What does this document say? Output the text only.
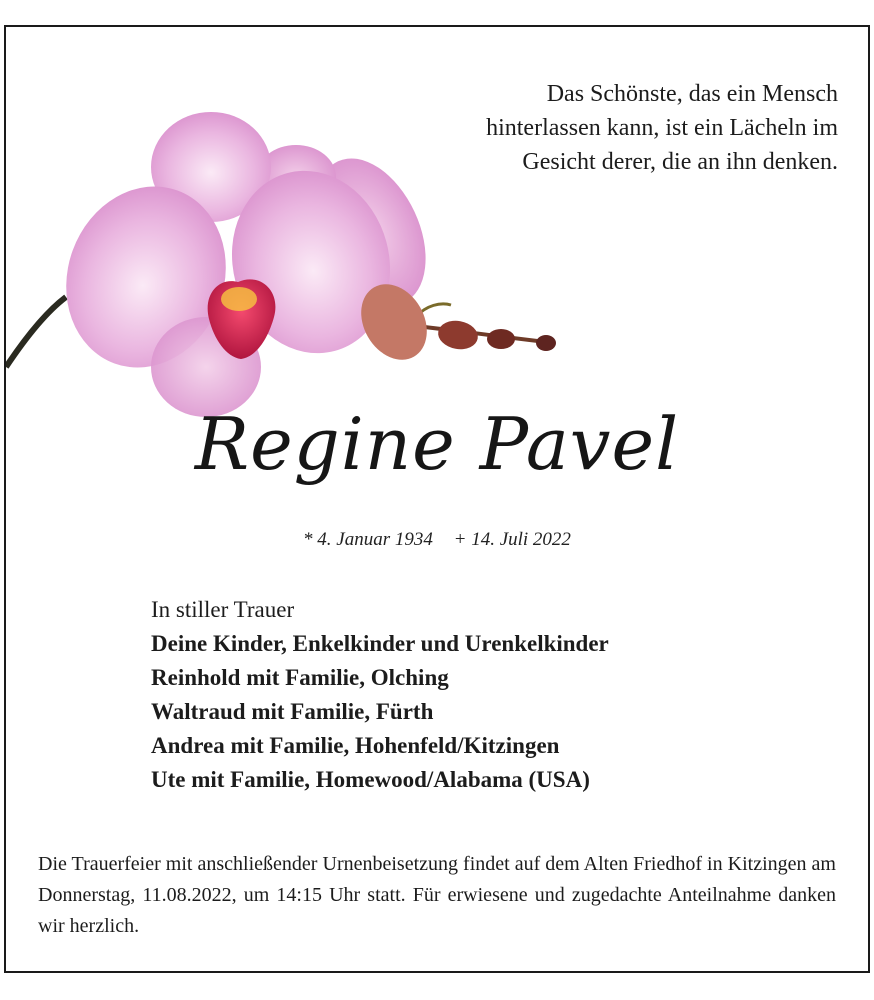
Das Schönste, das ein Mensch
hinterlassen kann, ist ein Lächeln im
Gesicht derer, die an ihn denken.
Regine Pavel
* 4. Januar 1934 + 14. Juli 2022
In stiller Trauer
Deine Kinder, Enkelkinder und Urenkelkinder
Reinhold mit Familie, Olching
Waltraud mit Familie, Fürth
Andrea mit Familie, Hohenfeld/Kitzingen
Ute mit Familie, Homewood/Alabama (USA)
Die Trauerfeier mit anschließender Urnenbeisetzung findet auf dem Alten Friedhof in Kitzingen am Donnerstag, 11.08.2022, um 14:15 Uhr statt. Für erwiesene und zugedachte Anteilnahme danken wir herzlich.
